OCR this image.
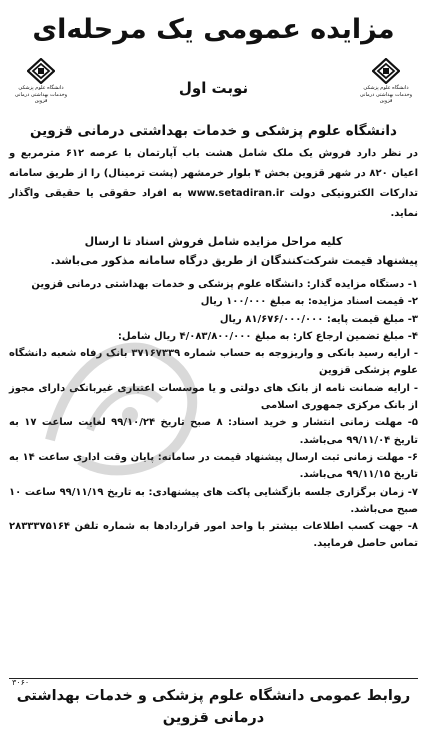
مزایده عمومی یک مرحله‌ای
دانشگاه علوم پزشکی
وخدمات بهداشتی درمانی قزوین
دانشگاه علوم پزشکی
وخدمات بهداشتی درمانی قزوین
نوبت اول
دانشگاه علوم پزشکی و خدمات بهداشتی درمانی قزوین
در نظر دارد فروش یک ملک شامل هشت باب آپارتمان با عرصه ۶۱۲ مترمربع و اعیان ۸۲۰ در شهر قزوین بخش ۴ بلوار خرمشهر (پشت ترمینال) را از طریق سامانه تدارکات الکترونیکی دولت www.setadiran.ir به افراد حقوقی یا حقیقی واگذار نماید.
کلیه مراحل مزایده شامل فروش اسناد تا ارسال
پیشنهاد قیمت شرکت‌کنندگان از طریق درگاه سامانه مذکور می‌باشد.
۱- دستگاه مزایده گذار: دانشگاه علوم پزشکی و خدمات بهداشتی درمانی قزوین
۲- قیمت اسناد مزایده: به مبلغ ۱۰۰/۰۰۰ ریال
۳- مبلغ قیمت پایه: ۸۱/۶۷۶/۰۰۰/۰۰۰ ریال
۴- مبلغ تضمین ارجاع کار: به مبلغ ۴/۰۸۳/۸۰۰/۰۰۰ ریال شامل:
- ارایه رسید بانکی و واریزوجه به حساب شماره ۳۷۱۶۷۳۳۹ بانک رفاه شعبه دانشگاه علوم پزشکی قزوین
- ارایه ضمانت نامه از بانک های دولتی و یا موسسات اعتباری غیربانکی دارای مجوز از بانک مرکزی جمهوری اسلامی
۵- مهلت زمانی انتشار و خرید اسناد: ۸ صبح تاریخ ۹۹/۱۰/۲۴ لغایت ساعت ۱۷ به تاریخ ۹۹/۱۱/۰۴ می‌باشد.
۶- مهلت زمانی ثبت ارسال پیشنهاد قیمت در سامانه: پایان وقت اداری ساعت ۱۴ به تاریخ ۹۹/۱۱/۱۵ می‌باشد.
۷- زمان برگزاری جلسه بازگشایی پاکت های پیشنهادی: به تاریخ ۹۹/۱۱/۱۹ ساعت ۱۰ صبح می‌باشد.
۸- جهت کسب اطلاعات بیشتر با واحد امور قراردادها به شماره تلفن ۲۸۳۳۳۷۵۱۶۴ تماس حاصل فرمایید.
۳۰۶۰
روابط عمومی دانشگاه علوم پزشکی و خدمات بهداشتی درمانی قزوین
